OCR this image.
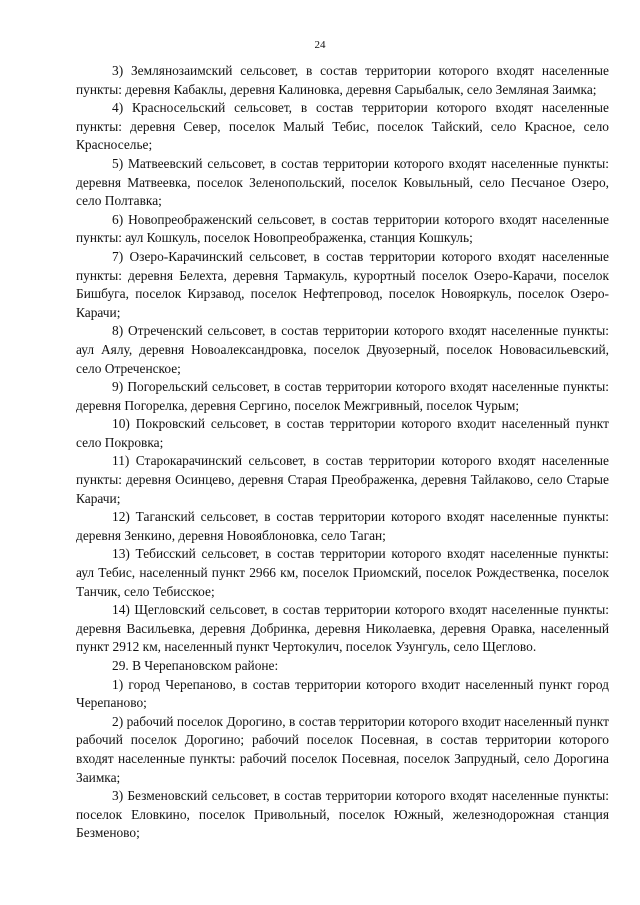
24

3) Землянозаимский сельсовет, в состав территории которого входят населенные пункты: деревня Кабаклы, деревня Калиновка, деревня Сарыбалык, село Земляная Заимка;

4) Красносельский сельсовет, в состав территории которого входят населенные пункты: деревня Север, поселок Малый Тебис, поселок Тайский, село Красное, село Красноселье;

5) Матвеевский сельсовет, в состав территории которого входят населенные пункты: деревня Матвеевка, поселок Зеленопольский, поселок Ковыльный, село Песчаное Озеро, село Полтавка;

6) Новопреображенский сельсовет, в состав территории которого входят населенные пункты: аул Кошкуль, поселок Новопреображенка, станция Кошкуль;

7) Озеро-Карачинский сельсовет, в состав территории которого входят населенные пункты: деревня Белехта, деревня Тармакуль, курортный поселок Озеро-Карачи, поселок Бишбуга, поселок Кирзавод, поселок Нефтепровод, поселок Новояркуль, поселок Озеро-Карачи;

8) Отреченский сельсовет, в состав территории которого входят населенные пункты: аул Аялу, деревня Новоалександровка, поселок Двуозерный, поселок Нововасильевский, село Отреченское;

9) Погорельский сельсовет, в состав территории которого входят населенные пункты: деревня Погорелка, деревня Сергино, поселок Межгривный, поселок Чурым;

10) Покровский сельсовет, в состав территории которого входит населенный пункт село Покровка;

11) Старокарачинский сельсовет, в состав территории которого входят населенные пункты: деревня Осинцево, деревня Старая Преображенка, деревня Тайлаково, село Старые Карачи;

12) Таганский сельсовет, в состав территории которого входят населенные пункты: деревня Зенкино, деревня Новояблоновка, село Таган;

13) Тебисский сельсовет, в состав территории которого входят населенные пункты: аул Тебис, населенный пункт 2966 км, поселок Приомский, поселок Рождественка, поселок Танчик, село Тебисское;

14) Щегловский сельсовет, в состав территории которого входят населенные пункты: деревня Васильевка, деревня Добринка, деревня Николаевка, деревня Оравка, населенный пункт 2912 км, населенный пункт Чертокулич, поселок Узунгуль, село Щеглово.

29. В Черепановском районе:

1) город Черепаново, в состав территории которого входит населенный пункт город Черепаново;

2) рабочий поселок Дорогино, в состав территории которого входит населенный пункт рабочий поселок Дорогино; рабочий поселок Посевная, в состав территории которого входят населенные пункты: рабочий поселок Посевная, поселок Запрудный, село Дорогина Заимка;

3) Безменовский сельсовет, в состав территории которого входят населенные пункты: поселок Еловкино, поселок Привольный, поселок Южный, железнодорожная станция Безменово;
